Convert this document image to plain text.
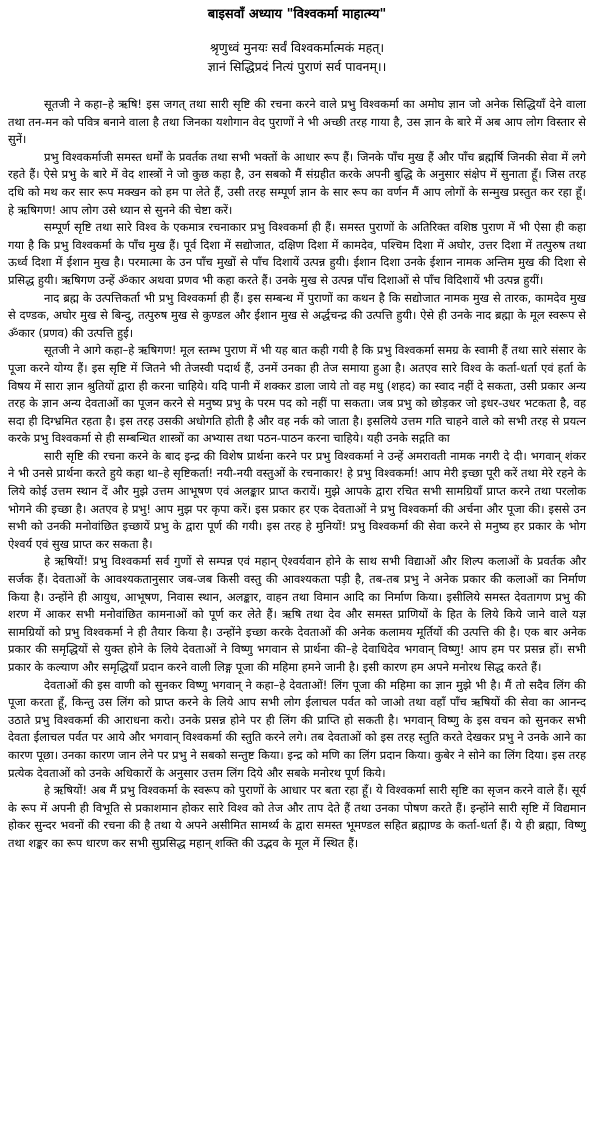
बाइसवाँ अध्याय "विश्वकर्मा माहात्म्य"
श्रृणुध्वं मुनयः सर्वं विश्वकर्मात्मकं महत्।
ज्ञानं सिद्धिप्रदं नित्यं पुराणं सर्व पावनम्।।

सूतजी ने कहा–हे ऋषि! इस जगत् तथा सारी सृष्टि की रचना करने वाले प्रभु विश्वकर्मा का अमोघ ज्ञान जो अनेक सिद्धियाँ देने वाला तथा तन-मन को पवित्र बनाने वाला है तथा जिनका यशोगान वेद पुराणों ने भी अच्छी तरह गाया है, उस ज्ञान के बारे में अब आप लोग विस्तार से सुनें।

प्रभु विश्वकर्माजी समस्त धर्मों के प्रवर्तक तथा सभी भक्तों के आधार रूप हैं। जिनके पाँच मुख हैं और पाँच ब्रह्मर्षि जिनकी सेवा में लगे रहते हैं। ऐसे प्रभु के बारे में वेद शास्त्रों ने जो कुछ कहा है, उन सबको मैं संग्रहीत करके अपनी बुद्धि के अनुसार संक्षेप में सुनाता हूँ। जिस तरह दधि को मथ कर सार रूप मक्खन को हम पा लेते हैं, उसी तरह सम्पूर्ण ज्ञान के सार रूप का वर्णन मैं आप लोगों के सन्मुख प्रस्तुत कर रहा हूँ। हे ऋषिगण! आप लोग उसे ध्यान से सुनने की चेष्टा करें।

सम्पूर्ण सृष्टि तथा सारे विश्व के एकमात्र रचनाकार प्रभु विश्वकर्मा ही हैं। समस्त पुराणों के अतिरिक्त वशिष्ठ पुराण में भी ऐसा ही कहा गया है कि प्रभु विश्वकर्मा के पाँच मुख हैं। पूर्व दिशा में सद्योजात, दक्षिण दिशा में कामदेव, पश्चिम दिशा में अघोर, उत्तर दिशा में तत्पुरुष तथा ऊर्ध्व दिशा में ईशान मुख है। परमात्मा के उन पाँच मुखों से पाँच दिशायें उत्पन्न हुयी। ईशान दिशा उनके ईशान नामक अन्तिम मुख की दिशा से प्रसिद्ध हुयी। ऋषिगण उन्हें ॐकार अथवा प्रणव भी कहा करते हैं। उनके मुख से उत्पन्न पाँच दिशाओं से पाँच विदिशायें भी उत्पन्न हुयीं।

नाद ब्रह्म के उत्पत्तिकर्ता भी प्रभु विश्वकर्मा ही हैं। इस सम्बन्ध में पुराणों का कथन है कि सद्योजात नामक मुख से तारक, कामदेव मुख से दण्डक, अघोर मुख से बिन्दु, तत्पुरुष मुख से कुण्डल और ईशान मुख से अर्द्धचन्द्र की उत्पत्ति हुयी। ऐसे ही उनके नाद ब्रह्मा के मूल स्वरूप से ॐकार (प्रणव) की उत्पत्ति हुई।

सूतजी ने आगे कहा–हे ऋषिगण! मूल स्तम्भ पुराण में भी यह बात कही गयी है कि प्रभु विश्वकर्मा समग्र के स्वामी हैं तथा सारे संसार के पूजा करने योग्य हैं। इस सृष्टि में जितने भी तेजस्वी पदार्थ हैं, उनमें उनका ही तेज समाया हुआ है। अतएव सारे विश्व के कर्ता-धर्ता एवं हर्ता के विषय में सारा ज्ञान श्रुतियों द्वारा ही करना चाहिये। यदि पानी में शक्कर डाला जाये तो वह मधु (शहद) का स्वाद नहीं दे सकता, उसी प्रकार अन्य तरह के ज्ञान अन्य देवताओं का पूजन करने से मनुष्य प्रभु के परम पद को नहीं पा सकता। जब प्रभु को छोड़कर जो इधर-उधर भटकता है, वह सदा ही दिग्भ्रमित रहता है। इस तरह उसकी अधोगति होती है और वह नर्क को जाता है। इसलिये उत्तम गति चाहने वाले को सभी तरह से प्रयत्न करके प्रभु विश्वकर्मा से ही सम्बन्धित शास्त्रों का अभ्यास तथा पठन-पाठन करना चाहिये। यही उनके सद्गति का

सारी सृष्टि की रचना करने के बाद इन्द्र की विशेष प्रार्थना करने पर प्रभु विश्वकर्मा ने उन्हें अमरावती नामक नगरी दे दी। भगवान् शंकर ने भी उनसे प्रार्थना करते हुये कहा था–हे सृष्टिकर्ता! नयी-नयी वस्तुओं के रचनाकार! हे प्रभु विश्वकर्मा! आप मेरी इच्छा पूरी करें तथा मेरे रहने के लिये कोई उत्तम स्थान दें और मुझे उत्तम आभूषण एवं अलङ्कार प्राप्त करायें। मुझे आपके द्वारा रचित सभी सामग्रियाँ प्राप्त करने तथा परलोक भोगने की इच्छा है। अतएव हे प्रभु! आप मुझ पर कृपा करें। इस प्रकार हर एक देवताओं ने प्रभु विश्वकर्मा की अर्चना और पूजा की। इससे उन सभी को उनकी मनोवांछित इच्छायें प्रभु के द्वारा पूर्ण की गयी। इस तरह हे मुनियों! प्रभु विश्वकर्मा की सेवा करने से मनुष्य हर प्रकार के भोग ऐश्वर्य एवं सुख प्राप्त कर सकता है।

हे ऋषियों! प्रभु विश्वकर्मा सर्व गुणों से सम्पन्न एवं महान् ऐश्वर्यवान होने के साथ सभी विद्याओं और शिल्प कलाओं के प्रवर्तक और सर्जक हैं। देवताओं के आवश्यकतानुसार जब-जब किसी वस्तु की आवश्यकता पड़ी है, तब-तब प्रभु ने अनेक प्रकार की कलाओं का निर्माण किया है। उन्होंने ही आयुध, आभूषण, निवास स्थान, अलङ्कार, वाहन तथा विमान आदि का निर्माण किया। इसीलिये समस्त देवतागण प्रभु की शरण में आकर सभी मनोवांछित कामनाओं को पूर्ण कर लेते हैं। ऋषि तथा देव और समस्त प्राणियों के हित के लिये किये जाने वाले यज्ञ सामग्रियों को प्रभु विश्वकर्मा ने ही तैयार किया है। उन्होंने इच्छा करके देवताओं की अनेक कलामय मूर्तियों की उत्पत्ति की है। एक बार अनेक प्रकार की समृद्धियों से युक्त होने के लिये देवताओं ने विष्णु भगवान से प्रार्थना की–हे देवाधिदेव भगवान् विष्णु! आप हम पर प्रसन्न हों। सभी प्रकार के कल्याण और समृद्धियाँ प्रदान करने वाली लिङ्ग पूजा की महिमा हमने जानी है। इसी कारण हम अपने मनोरथ सिद्ध करते हैं।

देवताओं की इस वाणी को सुनकर विष्णु भगवान् ने कहा–हे देवताओं! लिंग पूजा की महिमा का ज्ञान मुझे भी है। मैं तो सदैव लिंग की पूजा करता हूँ, किन्तु उस लिंग को प्राप्त करने के लिये आप सभी लोग ईलाचल पर्वत को जाओ तथा वहाँ पाँच ऋषियों की सेवा का आनन्द उठाते प्रभु विश्वकर्मा की आराधना करो। उनके प्रसन्न होने पर ही लिंग की प्राप्ति हो सकती है। भगवान् विष्णु के इस वचन को सुनकर सभी देवता ईलाचल पर्वत पर आये और भगवान् विश्वकर्मा की स्तुति करने लगे। तब देवताओं को इस तरह स्तुति करते देखकर प्रभु ने उनके आने का कारण पूछा। उनका कारण जान लेने पर प्रभु ने सबको सन्तुष्ट किया। इन्द्र को मणि का लिंग प्रदान किया। कुबेर ने सोने का लिंग दिया। इस तरह प्रत्येक देवताओं को उनके अधिकारों के अनुसार उत्तम लिंग दिये और सबके मनोरथ पूर्ण किये।

हे ऋषियों! अब मैं प्रभु विश्वकर्मा के स्वरूप को पुराणों के आधार पर बता रहा हूँ। ये विश्वकर्मा सारी सृष्टि का सृजन करने वाले हैं। सूर्य के रूप में अपनी ही विभूति से प्रकाशमान होकर सारे विश्व को तेज और ताप देते हैं तथा उनका पोषण करते हैं। इन्होंने सारी सृष्टि में विद्यमान होकर सुन्दर भवनों की रचना की है तथा ये अपने असीमित सामर्थ्य के द्वारा समस्त भूमण्डल सहित ब्रह्माण्ड के कर्ता-धर्ता हैं। ये ही ब्रह्मा, विष्णु तथा शङ्कर का रूप धारण कर सभी सुप्रसिद्ध महान् शक्ति की उद्भव के मूल में स्थित हैं।
